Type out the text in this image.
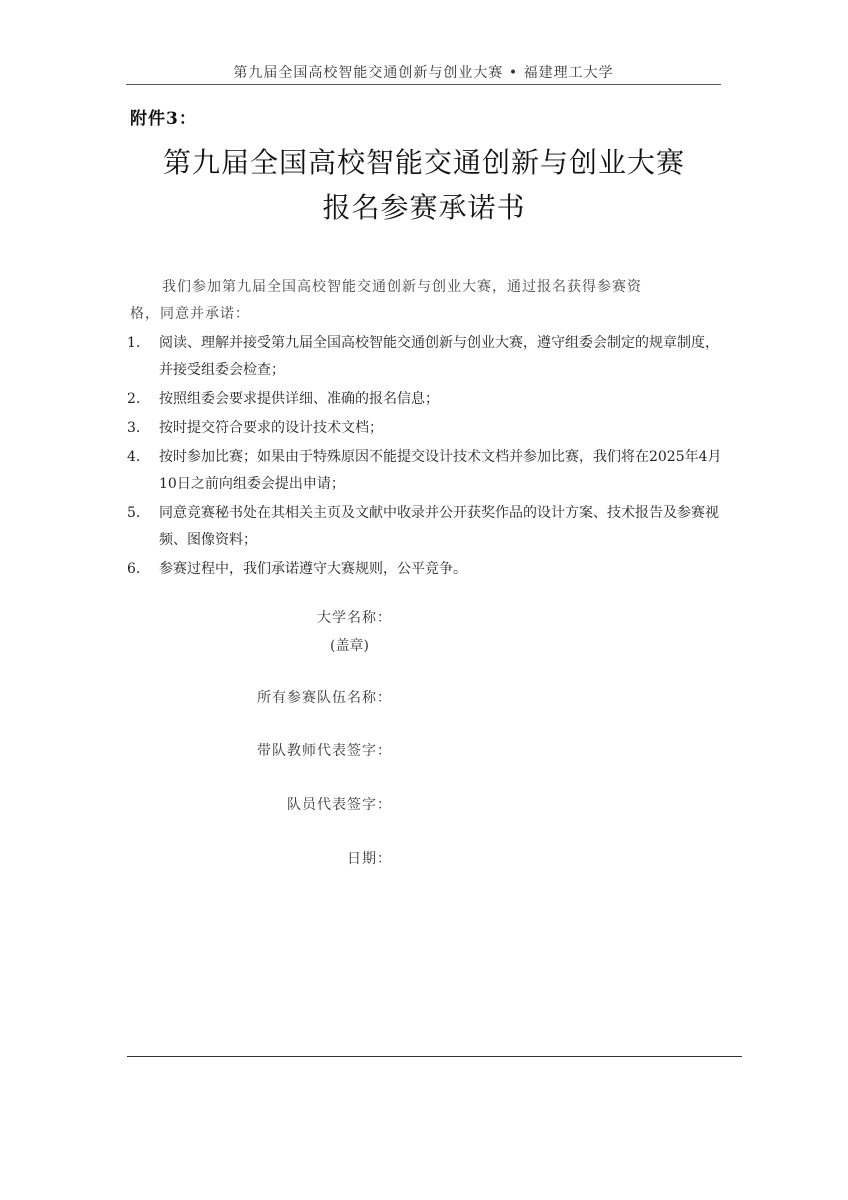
第九届全国高校智能交通创新与创业大赛 • 福建理工大学
附件3：
第九届全国高校智能交通创新与创业大赛
报名参赛承诺书
我们参加第九届全国高校智能交通创新与创业大赛，通过报名获得参赛资
格，同意并承诺：
1. 阅读、理解并接受第九届全国高校智能交通创新与创业大赛，遵守组委会制定的规章制度，并接受组委会检查；
2. 按照组委会要求提供详细、准确的报名信息；
3. 按时提交符合要求的设计技术文档；
4. 按时参加比赛；如果由于特殊原因不能提交设计技术文档并参加比赛，我们将在2025年4月10日之前向组委会提出申请；
5. 同意竞赛秘书处在其相关主页及文献中收录并公开获奖作品的设计方案、技术报告及参赛视频、图像资料；
6. 参赛过程中，我们承诺遵守大赛规则，公平竞争。
大学名称：
(盖章)
所有参赛队伍名称：
带队教师代表签字：
队员代表签字：
日期：
